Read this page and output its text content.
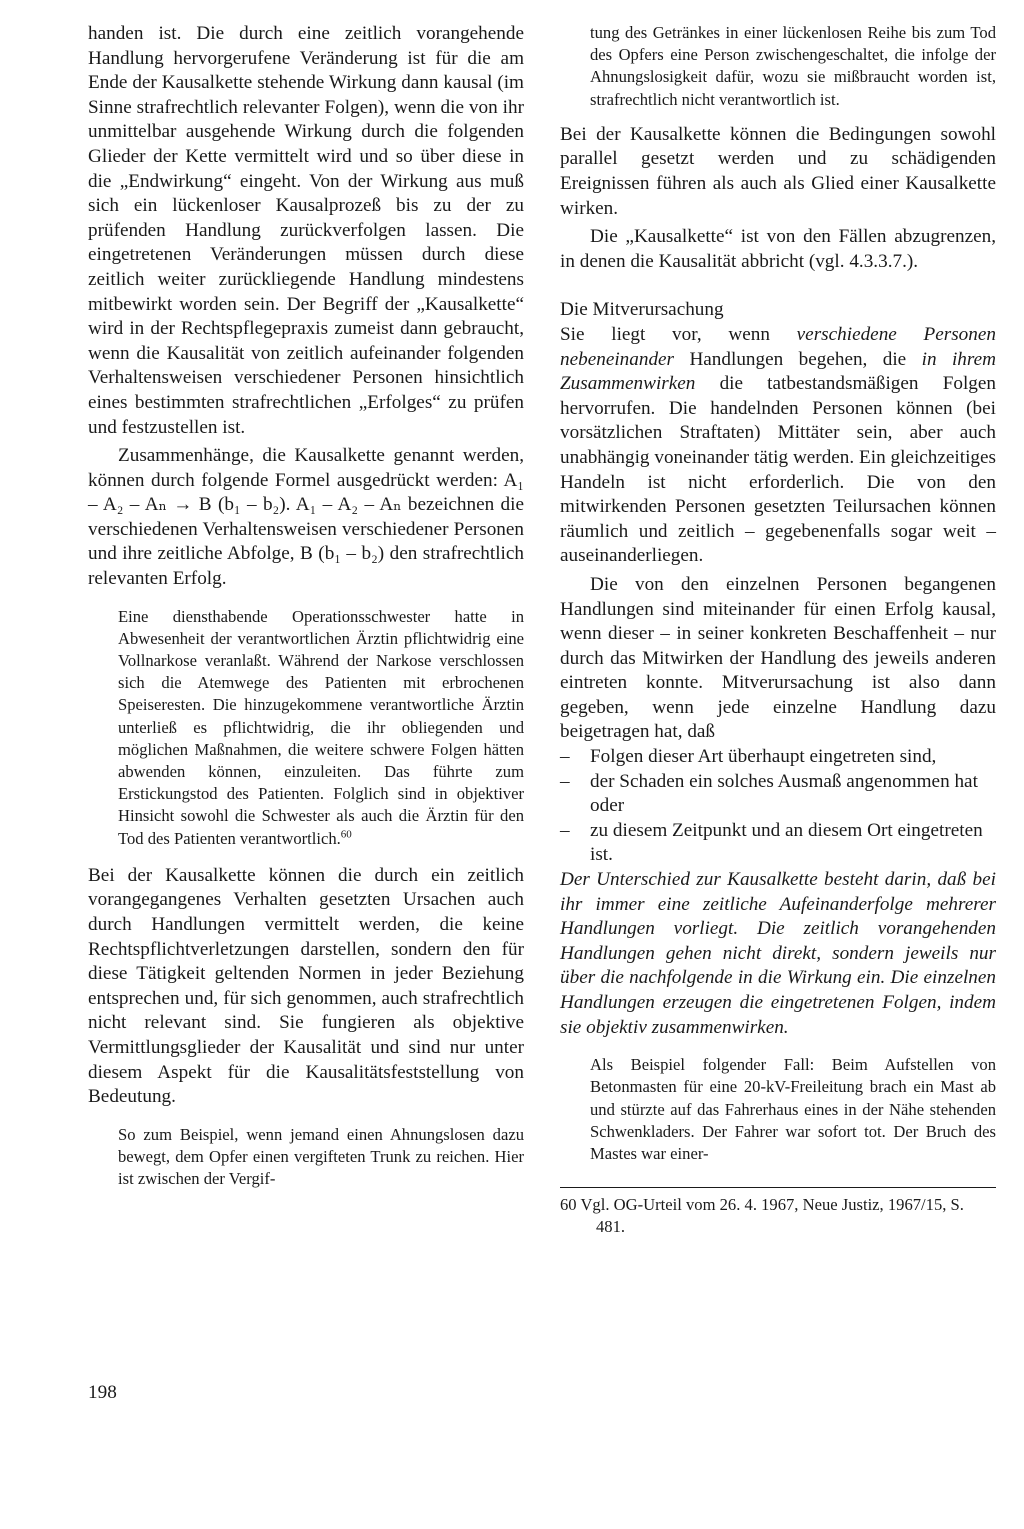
handen ist. Die durch eine zeitlich vorangehende Handlung hervorgerufene Veränderung ist für die am Ende der Kausalkette stehende Wirkung dann kausal (im Sinne strafrechtlich relevanter Folgen), wenn die von ihr unmittelbar ausgehende Wirkung durch die folgenden Glieder der Kette vermittelt wird und so über diese in die „Endwirkung“ eingeht. Von der Wirkung aus muß sich ein lückenloser Kausalprozeß bis zu der zu prüfenden Handlung zurückverfolgen lassen. Die eingetretenen Veränderungen müssen durch diese zeitlich weiter zurückliegende Handlung mindestens mitbewirkt worden sein. Der Begriff der „Kausalkette“ wird in der Rechtspflegepraxis zumeist dann gebraucht, wenn die Kausalität von zeitlich aufeinander folgenden Verhaltensweisen verschiedener Personen hinsichtlich eines bestimmten strafrechtlichen „Erfolges“ zu prüfen und festzustellen ist.

Zusammenhänge, die Kausalkette genannt werden, können durch folgende Formel ausgedrückt werden: A₁ – A₂ – Aₙ → B (b₁ – b₂). A₁ – A₂ – Aₙ bezeichnen die verschiedenen Verhaltensweisen verschiedener Personen und ihre zeitliche Abfolge, B (b₁ – b₂) den strafrechtlich relevanten Erfolg.

Eine diensthabende Operationsschwester hatte in Abwesenheit der verantwortlichen Ärztin pflichtwidrig eine Vollnarkose veranlaßt. Während der Narkose verschlossen sich die Atemwege des Patienten mit erbrochenen Speiseresten. Die hinzugekommene verantwortliche Ärztin unterließ es pflichtwidrig, die ihr obliegenden und möglichen Maßnahmen, die weitere schwere Folgen hätten abwenden können, einzuleiten. Das führte zum Erstickungstod des Patienten. Folglich sind in objektiver Hinsicht sowohl die Schwester als auch die Ärztin für den Tod des Patienten verantwortlich.$^{60}$

Bei der Kausalkette können die durch ein zeitlich vorangegangenes Verhalten gesetzten Ursachen auch durch Handlungen vermittelt werden, die keine Rechtspflichtverletzungen darstellen, sondern den für diese Tätigkeit geltenden Normen in jeder Beziehung entsprechen und, für sich genommen, auch strafrechtlich nicht relevant sind. Sie fungieren als objektive Vermittlungsglieder der Kausalität und sind nur unter diesem Aspekt für die Kausalitätsfeststellung von Bedeutung.

So zum Beispiel, wenn jemand einen Ahnungslosen dazu bewegt, dem Opfer einen vergifteten Trunk zu reichen. Hier ist zwischen der Vergif-

198

tung des Getränkes in einer lückenlosen Reihe bis zum Tod des Opfers eine Person zwischengeschaltet, die infolge der Ahnungslosigkeit dafür, wozu sie mißbraucht worden ist, strafrechtlich nicht verantwortlich ist.

Bei der Kausalkette können die Bedingungen sowohl parallel gesetzt werden und zu schädigenden Ereignissen führen als auch als Glied einer Kausalkette wirken.

Die „Kausalkette“ ist von den Fällen abzugrenzen, in denen die Kausalität abbricht (vgl. 4.3.3.7.).

Die Mitverursachung

Sie liegt vor, wenn verschiedene Personen nebeneinander Handlungen begehen, die in ihrem Zusammenwirken die tatbestandsmäßigen Folgen hervorrufen. Die handelnden Personen können (bei vorsätzlichen Straftaten) Mittäter sein, aber auch unabhängig voneinander tätig werden. Ein gleichzeitiges Handeln ist nicht erforderlich. Die von den mitwirkenden Personen gesetzten Teilursachen können räumlich und zeitlich – gegebenenfalls sogar weit – auseinanderliegen.

Die von den einzelnen Personen begangenen Handlungen sind miteinander für einen Erfolg kausal, wenn dieser – in seiner konkreten Beschaffenheit – nur durch das Mitwirken der Handlung des jeweils anderen eintreten konnte. Mitverursachung ist also dann gegeben, wenn jede einzelne Handlung dazu beigetragen hat, daß

– Folgen dieser Art überhaupt eingetreten sind,
– der Schaden ein solches Ausmaß angenommen hat oder
– zu diesem Zeitpunkt und an diesem Ort eingetreten ist.

Der Unterschied zur Kausalkette besteht darin, daß bei ihr immer eine zeitliche Aufeinanderfolge mehrerer Handlungen vorliegt. Die zeitlich vorangehenden Handlungen gehen nicht direkt, sondern jeweils nur über die nachfolgende in die Wirkung ein. Die einzelnen Handlungen erzeugen die eingetretenen Folgen, indem sie objektiv zusammenwirken.

Als Beispiel folgender Fall: Beim Aufstellen von Betonmasten für eine 20-kV-Freileitung brach ein Mast ab und stürzte auf das Fahrerhaus eines in der Nähe stehenden Schwenkladers. Der Fahrer war sofort tot. Der Bruch des Mastes war einer-

60 Vgl. OG-Urteil vom 26. 4. 1967, Neue Justiz, 1967/15, S. 481.
